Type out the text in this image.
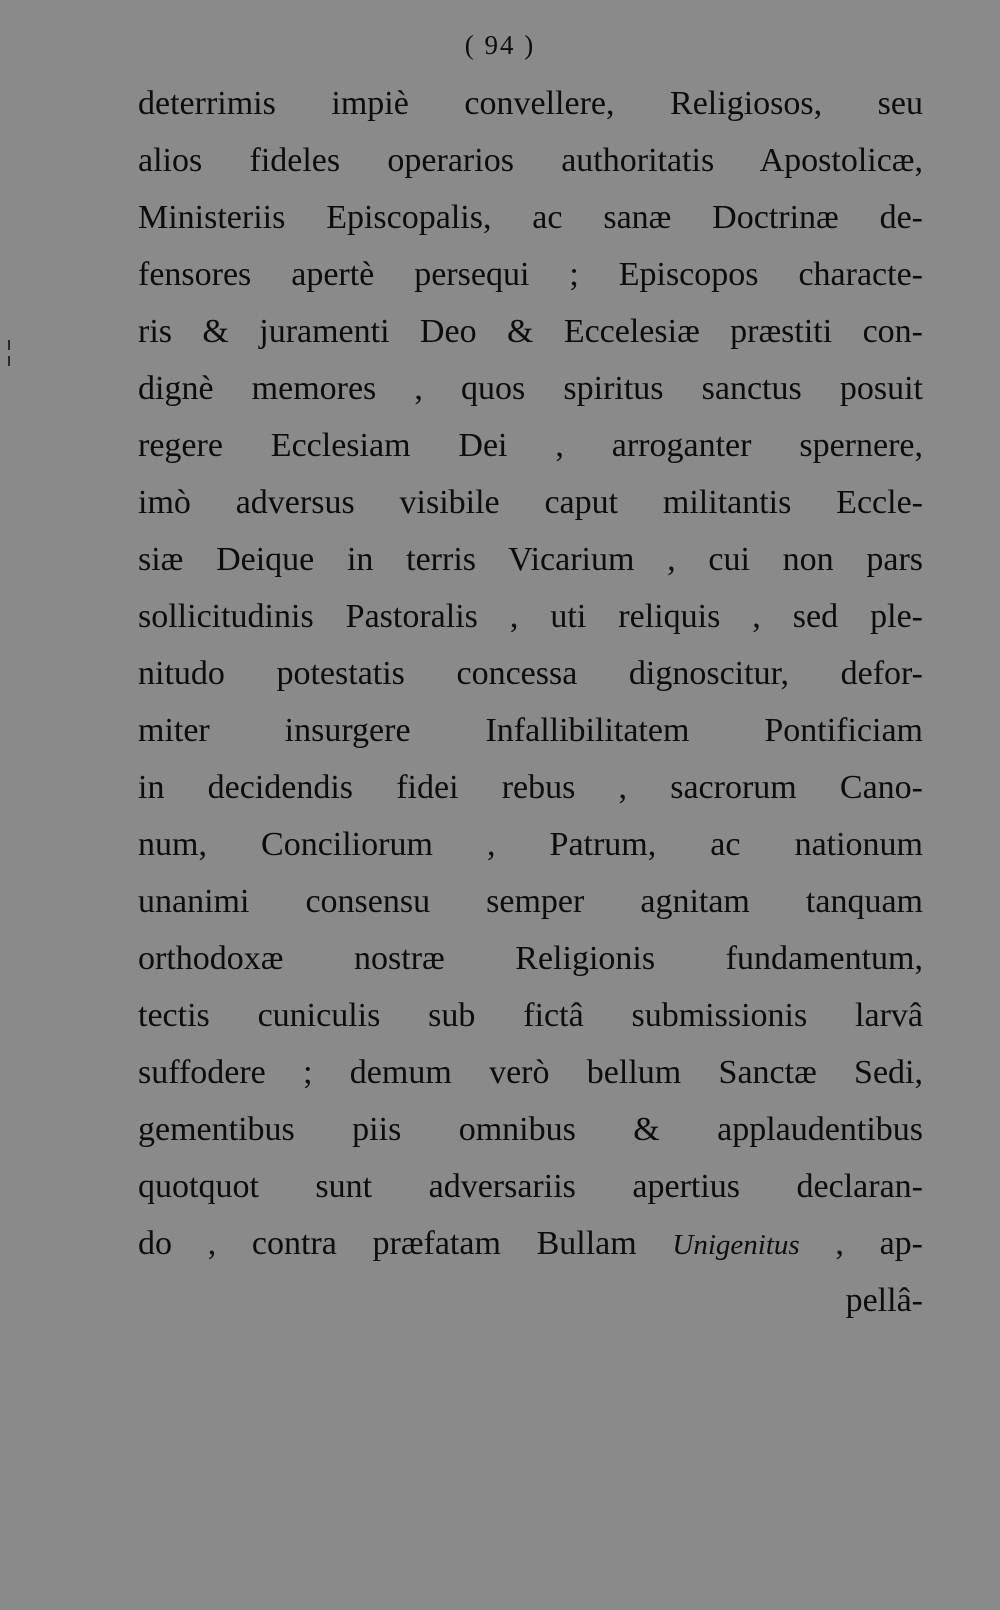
( 94 )
deterrimis impiè convellere, Religiosos, seu
alios fideles operarios authoritatis Apostolicæ,
Ministeriis Episcopalis, ac sanæ Doctrinæ de-
fensores apertè persequi ; Episcopos characte-
ris & juramenti Deo & Eccelesiæ præstiti con-
dignè memores , quos spiritus sanctus posuit
regere Ecclesiam Dei , arroganter spernere,
imò adversus visibile caput militantis Eccle-
siæ Deique in terris Vicarium , cui non pars
sollicitudinis Pastoralis , uti reliquis , sed ple-
nitudo potestatis concessa dignoscitur, defor-
miter insurgere Infallibilitatem Pontificiam
in decidendis fidei rebus , sacrorum Cano-
num, Conciliorum , Patrum, ac nationum
unanimi consensu semper agnitam tanquam
orthodoxæ nostræ Religionis fundamentum,
tectis cuniculis sub fictâ submissionis larvâ
suffodere ; demum verò bellum Sanctæ Sedi,
gementibus piis omnibus & applaudentibus
quotquot sunt adversariis apertius declaran-
do , contra præfatam Bullam Unigenitus , ap-
pellâ-
